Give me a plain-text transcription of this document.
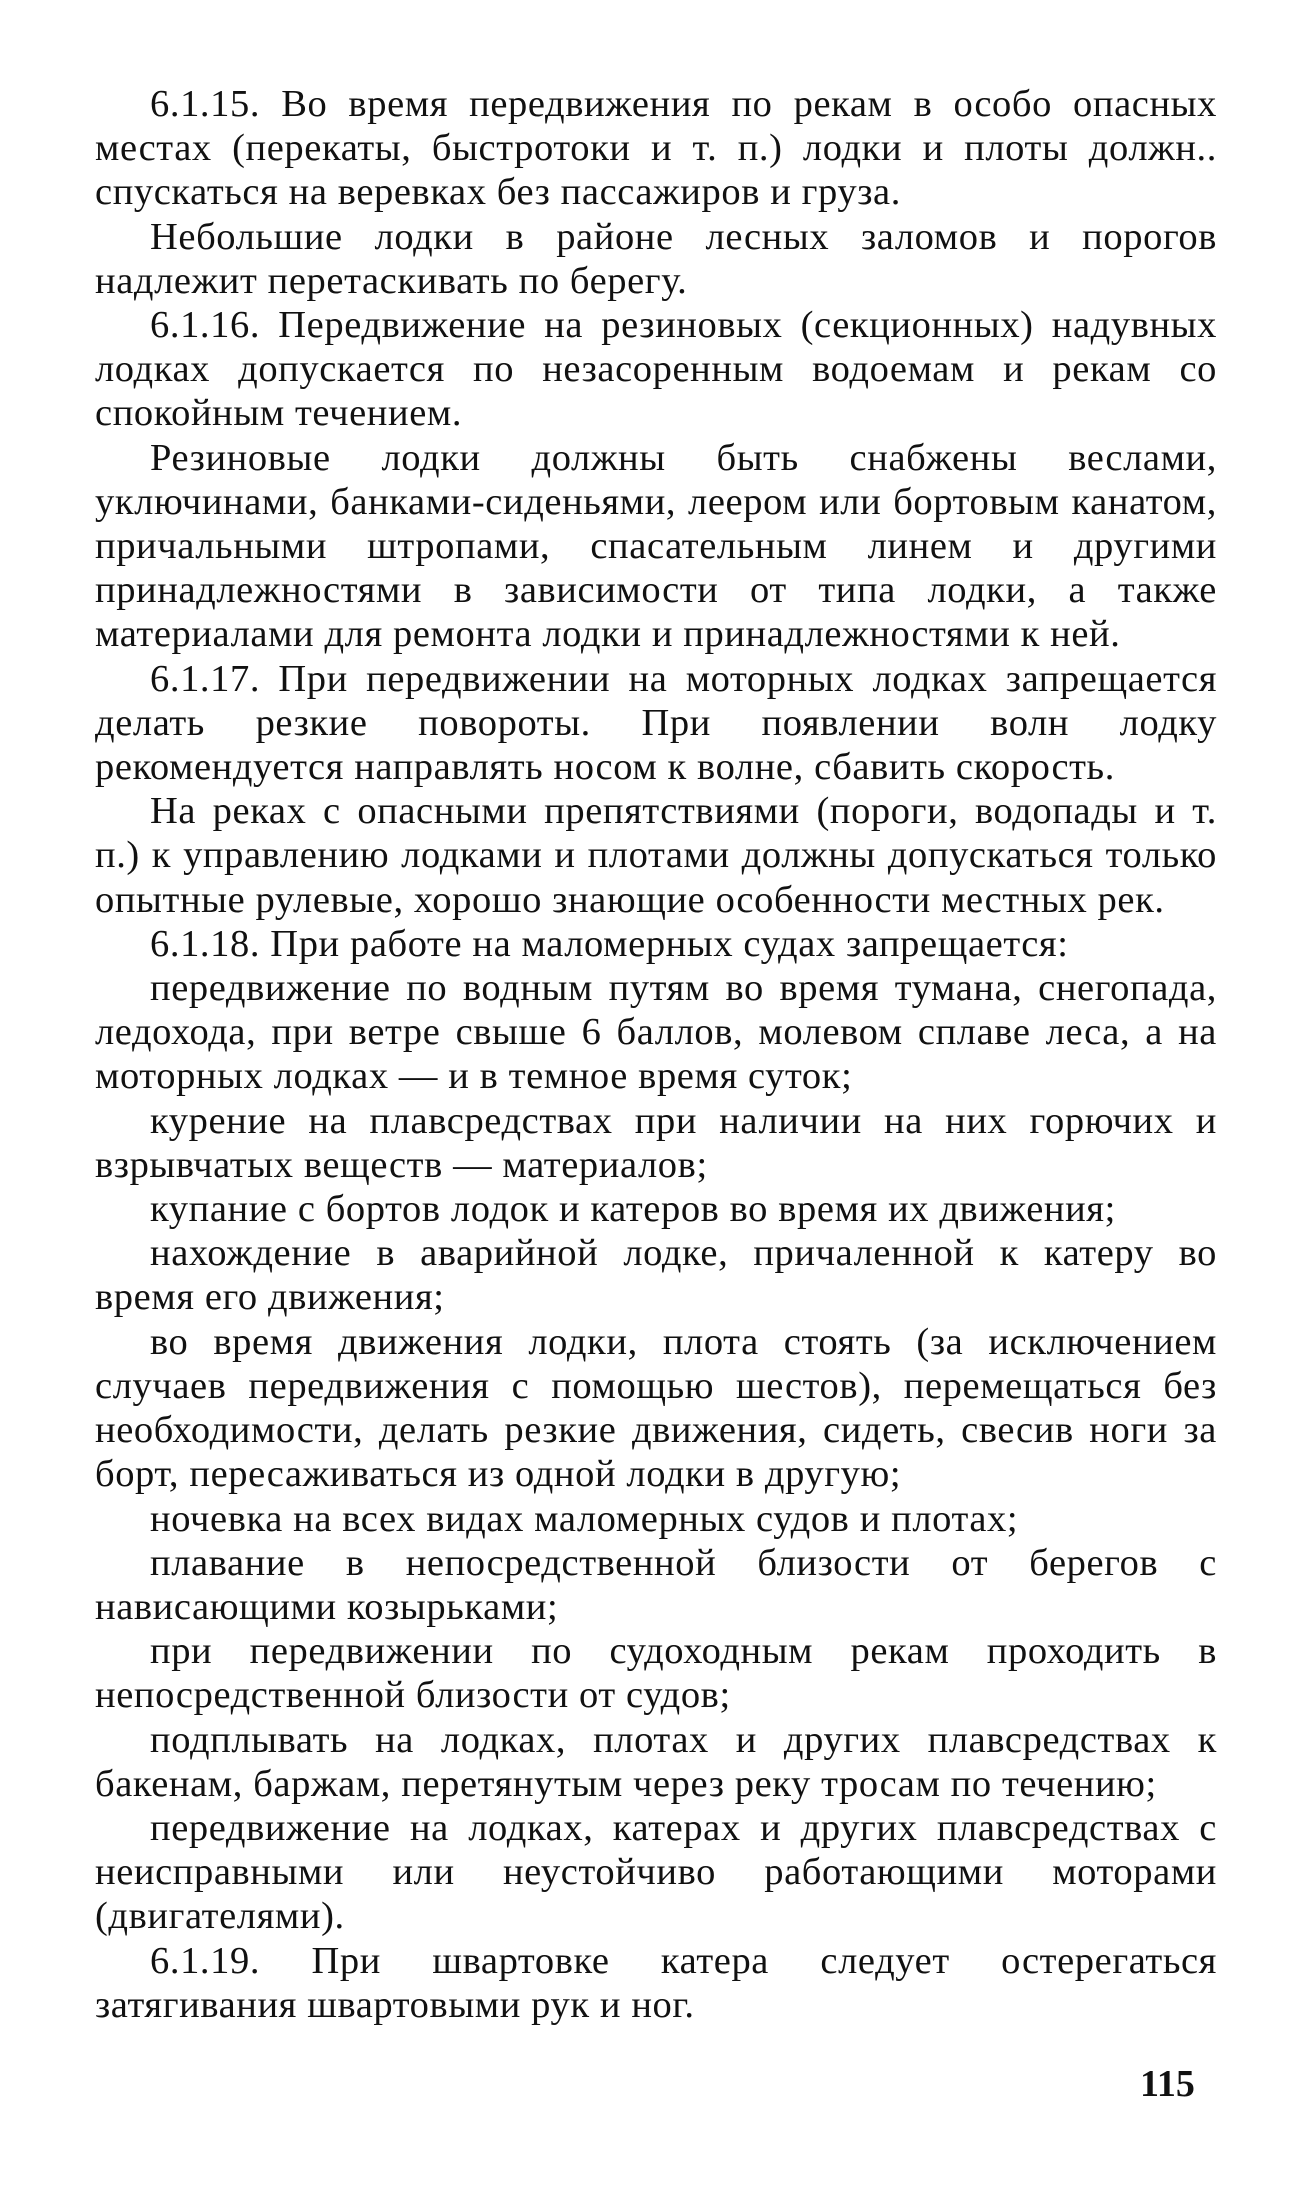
6.1.15. Во время передвижения по рекам в особо опасных местах (перекаты, быстротоки и т. п.) лодки и плоты должн.. спускаться на веревках без пассажиров и груза.

Небольшие лодки в районе лесных заломов и порогов надлежит перетаскивать по берегу.

6.1.16. Передвижение на резиновых (секционных) надувных лодках допускается по незасоренным водоемам и рекам со спокойным течением.

Резиновые лодки должны быть снабжены веслами, уключинами, банками-сиденьями, леером или бортовым канатом, причальными штропами, спасательным линем и другими принадлежностями в зависимости от типа лодки, а также материалами для ремонта лодки и принадлежностями к ней.

6.1.17. При передвижении на моторных лодках запрещается делать резкие повороты. При появлении волн лодку рекомендуется направлять носом к волне, сбавить скорость.

На реках с опасными препятствиями (пороги, водопады и т. п.) к управлению лодками и плотами должны допускаться только опытные рулевые, хорошо знающие особенности местных рек.

6.1.18. При работе на маломерных судах запрещается:

передвижение по водным путям во время тумана, снегопада, ледохода, при ветре свыше 6 баллов, молевом сплаве леса, а на моторных лодках — и в темное время суток;

курение на плавсредствах при наличии на них горючих и взрывчатых веществ — материалов;

купание с бортов лодок и катеров во время их движения;

нахождение в аварийной лодке, причаленной к катеру во время его движения;

во время движения лодки, плота стоять (за исключением случаев передвижения с помощью шестов), перемещаться без необходимости, делать резкие движения, сидеть, свесив ноги за борт, пересаживаться из одной лодки в другую;

ночевка на всех видах маломерных судов и плотах;

плавание в непосредственной близости от берегов с нависающими козырьками;

при передвижении по судоходным рекам проходить в непосредственной близости от судов;

подплывать на лодках, плотах и других плавсредствах к бакенам, баржам, перетянутым через реку тросам по течению;

передвижение на лодках, катерах и других плавсредствах с неисправными или неустойчиво работающими моторами (двигателями).

6.1.19. При швартовке катера следует остерегаться затягивания швартовыми рук и ног.

115
